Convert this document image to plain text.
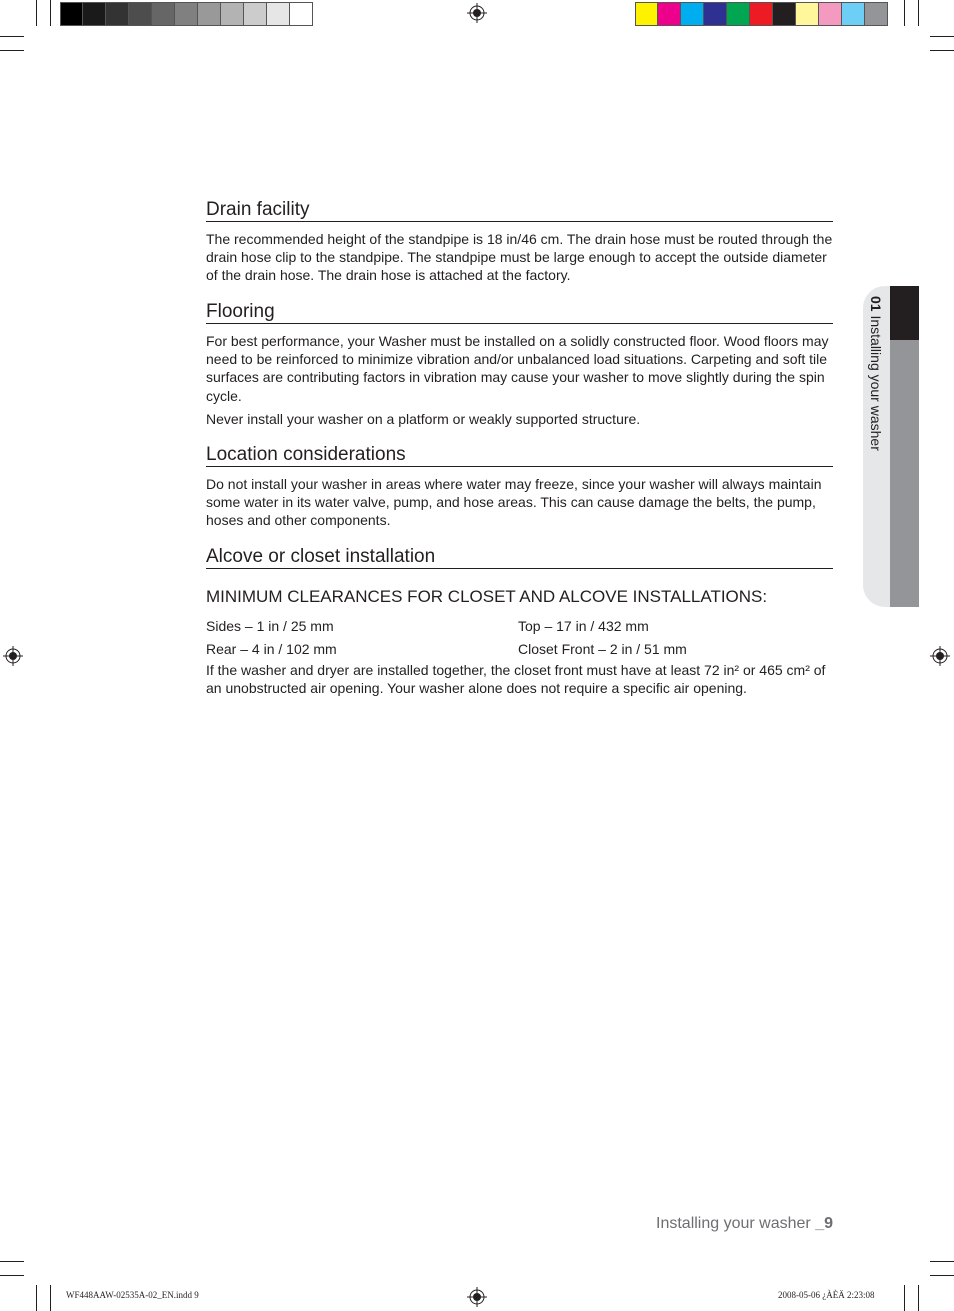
01 Installing your washer
Drain facility

The recommended height of the standpipe is 18 in/46 cm. The drain hose must be routed through the drain hose clip to the standpipe. The standpipe must be large enough to accept the outside diameter of the drain hose. The drain hose is attached at the factory.

Flooring

For best performance, your Washer must be installed on a solidly constructed floor. Wood floors may need to be reinforced to minimize vibration and/or unbalanced load situations. Carpeting and soft tile surfaces are contributing factors in vibration may cause your washer to move slightly during the spin cycle.

Never install your washer on a platform or weakly supported structure.

Location considerations

Do not install your washer in areas where water may freeze, since your washer will always maintain some water in its water valve, pump, and hose areas. This can cause damage the belts, the pump, hoses and other components.

Alcove or closet installation

MINIMUM CLEARANCES FOR CLOSET AND ALCOVE INSTALLATIONS:

Sides – 1 in / 25 mm	Top – 17 in / 432 mm
Rear – 4 in / 102 mm	Closet Front – 2 in / 51 mm

If the washer and dryer are installed together, the closet front must have at least 72 in² or 465 cm² of an unobstructed air opening. Your washer alone does not require a specific air opening.

Installing your washer _9
WF448AAW-02535A-02_EN.indd 9	2008-05-06 ¿ÀÈÄ 2:23:08
